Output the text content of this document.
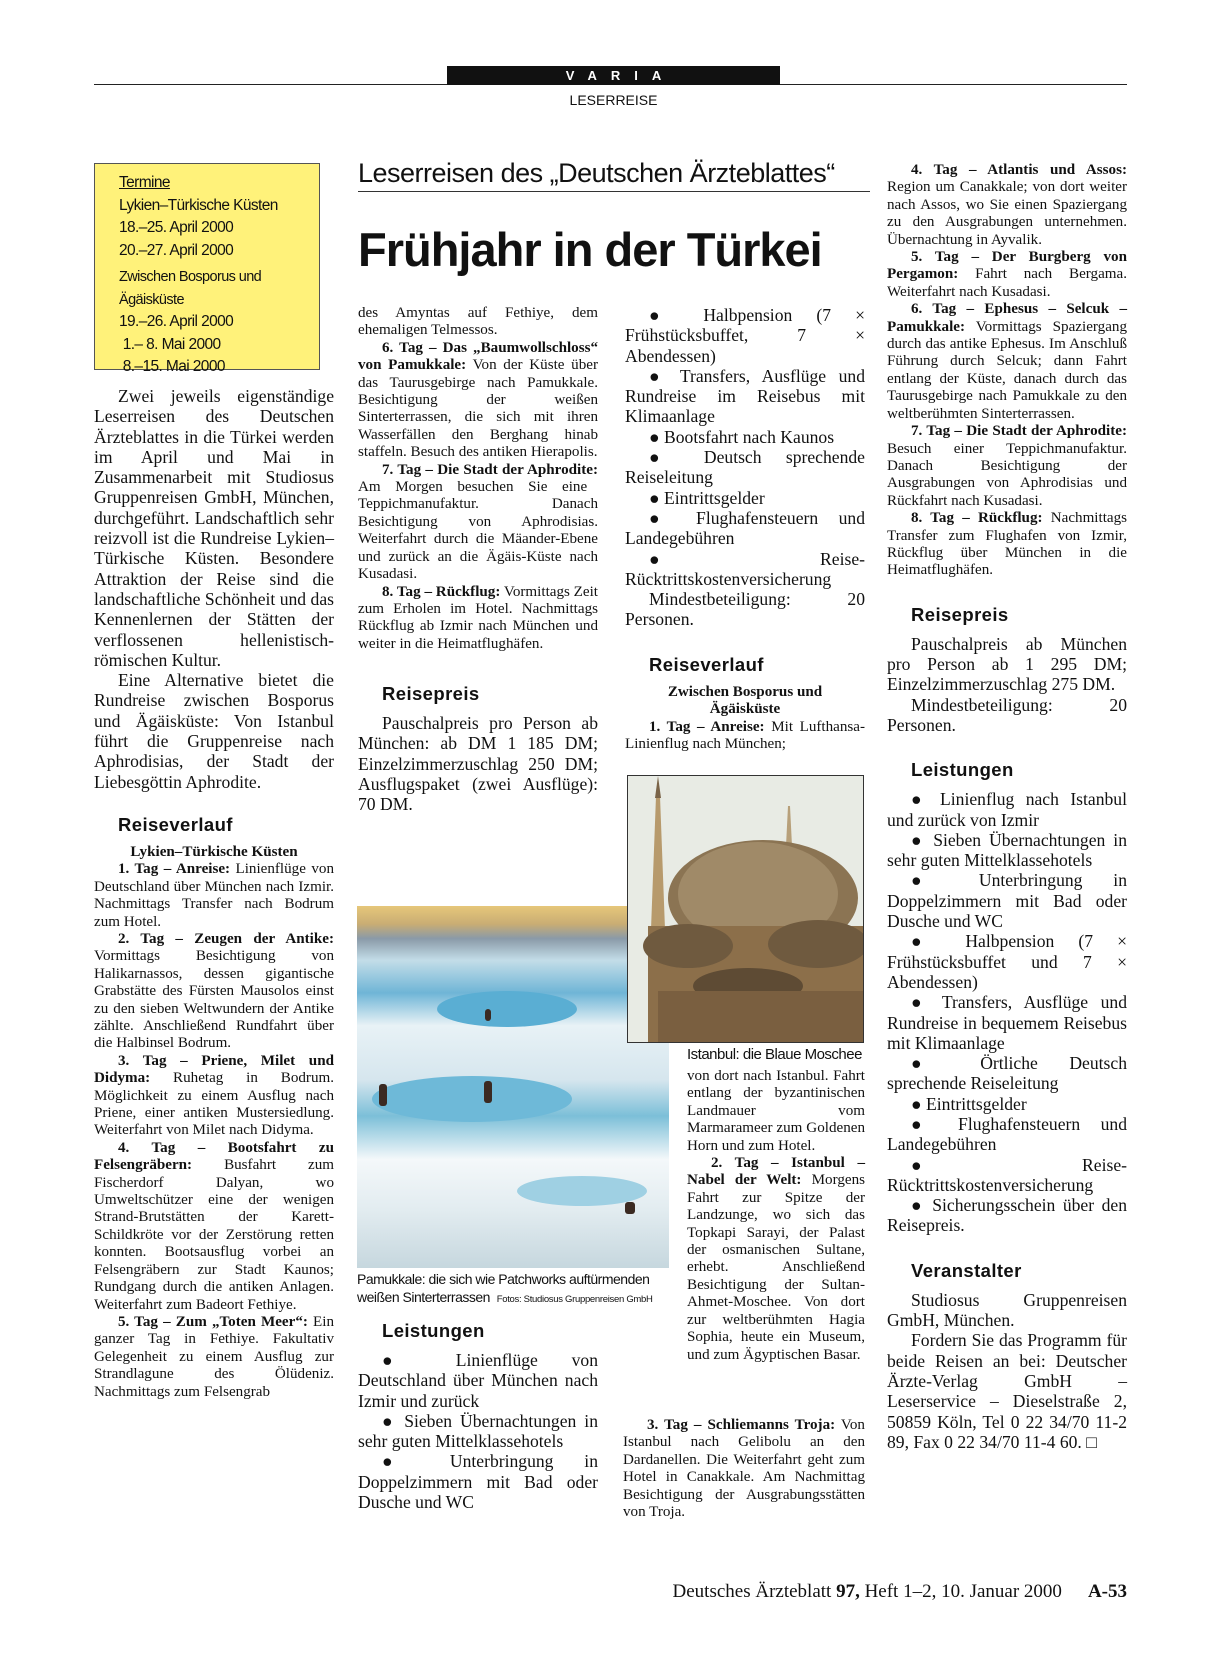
VARIA
LESERREISE
Termine
Lykien–Türkische Küsten
18.–25. April 2000
20.–27. April 2000
Zwischen Bosporus und Ägäisküste
19.–26. April 2000
1.– 8. Mai 2000
8.–15. Mai 2000
Leserreisen des „Deutschen Ärzteblattes“
Frühjahr in der Türkei

Zwei jeweils eigenständige Leserreisen des Deutschen Ärzteblattes in die Türkei werden im April und Mai in Zusammenarbeit mit Studiosus Gruppenreisen GmbH, München, durchgeführt. Landschaftlich sehr reizvoll ist die Rundreise Lykien–Türkische Küsten. Besondere Attraktion der Reise sind die landschaftliche Schönheit und das Kennenlernen der Stätten der verflossenen hellenistisch-römischen Kultur.

Eine Alternative bietet die Rundreise zwischen Bosporus und Ägäisküste: Von Istanbul führt die Gruppenreise nach Aphrodisias, der Stadt der Liebesgöttin Aphrodite.

Reiseverlauf

Lykien–Türkische Küsten

1. Tag – Anreise: Linienflüge von Deutschland über München nach Izmir. Nachmittags Transfer nach Bodrum zum Hotel.

2. Tag – Zeugen der Antike: Vormittags Besichtigung von Halikarnassos, dessen gigantische Grabstätte des Fürsten Mausolos einst zu den sieben Weltwundern der Antike zählte. Anschließend Rundfahrt über die Halbinsel Bodrum.

3. Tag – Priene, Milet und Didyma: Ruhetag in Bodrum. Möglichkeit zu einem Ausflug nach Priene, einer antiken Mustersiedlung. Weiterfahrt von Milet nach Didyma.

4. Tag – Bootsfahrt zu Felsengräbern: Busfahrt zum Fischerdorf Dalyan, wo Umweltschützer eine der wenigen Strand-Brutstätten der Karett-Schildkröte vor der Zerstörung retten konnten. Bootsausflug vorbei an Felsengräbern zur Stadt Kaunos; Rundgang durch die antiken Anlagen. Weiterfahrt zum Badeort Fethiye.

5. Tag – Zum „Toten Meer“: Ein ganzer Tag in Fethiye. Fakultativ Gelegenheit zu einem Ausflug zur Strandlagune des Ölüdeniz. Nachmittags zum Felsengrab

des Amyntas auf Fethiye, dem ehemaligen Telmessos.

6. Tag – Das „Baumwollschloss“ von Pamukkale: Von der Küste über das Taurusgebirge nach Pamukkale. Besichtigung der weißen Sinterterrassen, die sich mit ihren Wasserfällen den Berghang hinab staffeln. Besuch des antiken Hierapolis.

7. Tag – Die Stadt der Aphrodite: Am Morgen besuchen Sie eine Teppichmanufaktur. Danach Besichtigung von Aphrodisias. Weiterfahrt durch die Mäander-Ebene und zurück an die Ägäis-Küste nach Kusadasi.

8. Tag – Rückflug: Vormittags Zeit zum Erholen im Hotel. Nachmittags Rückflug ab Izmir nach München und weiter in die Heimatflughäfen.

Reisepreis

Pauschalpreis pro Person ab München: ab DM 1 185 DM; Einzelzimmerzuschlag 250 DM; Ausflugspaket (zwei Ausflüge): 70 DM.

Pamukkale: die sich wie Patchworks auftürmenden weißen Sinterterrassen Fotos: Studiosus Gruppenreisen GmbH
Leistungen

● Linienflüge von Deutschland über München nach Izmir und zurück

● Sieben Übernachtungen in sehr guten Mittelklassehotels

● Unterbringung in Doppelzimmern mit Bad oder Dusche und WC

● Halbpension (7 × Frühstücksbuffet, 7 × Abendessen)

● Transfers, Ausflüge und Rundreise im Reisebus mit Klimaanlage

● Bootsfahrt nach Kaunos

● Deutsch sprechende Reiseleitung

● Eintrittsgelder

● Flughafensteuern und Landegebühren

● Reise-Rücktrittskostenversicherung

Mindestbeteiligung: 20 Personen.

Reiseverlauf

Zwischen Bosporus und Ägäisküste

1. Tag – Anreise: Mit Lufthansa-Linienflug nach München;

Istanbul: die Blaue Moschee

von dort nach Istanbul. Fahrt entlang der byzantinischen Landmauer vom Marmarameer zum Goldenen Horn und zum Hotel.

2. Tag – Istanbul – Nabel der Welt: Morgens Fahrt zur Spitze der Landzunge, wo sich das Topkapi Sarayi, der Palast der osmanischen Sultane, erhebt. Anschließend Besichtigung der Sultan-Ahmet-Moschee. Von dort zur weltberühmten Hagia Sophia, heute ein Museum, und zum Ägyptischen Basar.

3. Tag – Schliemanns Troja: Von Istanbul nach Gelibolu an den Dardanellen. Die Weiterfahrt geht zum Hotel in Canakkale. Am Nachmittag Besichtigung der Ausgrabungsstätten von Troja.

4. Tag – Atlantis und Assos: Region um Canakkale; von dort weiter nach Assos, wo Sie einen Spaziergang zu den Ausgrabungen unternehmen. Übernachtung in Ayvalik.

5. Tag – Der Burgberg von Pergamon: Fahrt nach Bergama. Weiterfahrt nach Kusadasi.

6. Tag – Ephesus – Selcuk – Pamukkale: Vormittags Spaziergang durch das antike Ephesus. Im Anschluß Führung durch Selcuk; dann Fahrt entlang der Küste, danach durch das Taurusgebirge nach Pamukkale zu den weltberühmten Sinterterrassen.

7. Tag – Die Stadt der Aphrodite: Besuch einer Teppichmanufaktur. Danach Besichtigung der Ausgrabungen von Aphrodisias und Rückfahrt nach Kusadasi.

8. Tag – Rückflug: Nachmittags Transfer zum Flughafen von Izmir, Rückflug über München in die Heimatflughäfen.

Reisepreis

Pauschalpreis ab München pro Person ab 1 295 DM; Einzelzimmerzuschlag 275 DM.

Mindestbeteiligung: 20 Personen.

Leistungen

● Linienflug nach Istanbul und zurück von Izmir

● Sieben Übernachtungen in sehr guten Mittelklassehotels

● Unterbringung in Doppelzimmern mit Bad oder Dusche und WC

● Halbpension (7 × Frühstücksbuffet und 7 × Abendessen)

● Transfers, Ausflüge und Rundreise in bequemem Reisebus mit Klimaanlage

● Örtliche Deutsch sprechende Reiseleitung

● Eintrittsgelder

● Flughafensteuern und Landegebühren

● Reise-Rücktrittskostenversicherung

● Sicherungsschein über den Reisepreis.

Veranstalter

Studiosus Gruppenreisen GmbH, München.

Fordern Sie das Programm für beide Reisen an bei: Deutscher Ärzte-Verlag GmbH – Leserservice – Dieselstraße 2, 50859 Köln, Tel 0 22 34/70 11-2 89, Fax 0 22 34/70 11-4 60. □

Deutsches Ärzteblatt 97, Heft 1–2, 10. Januar 2000 A-53
